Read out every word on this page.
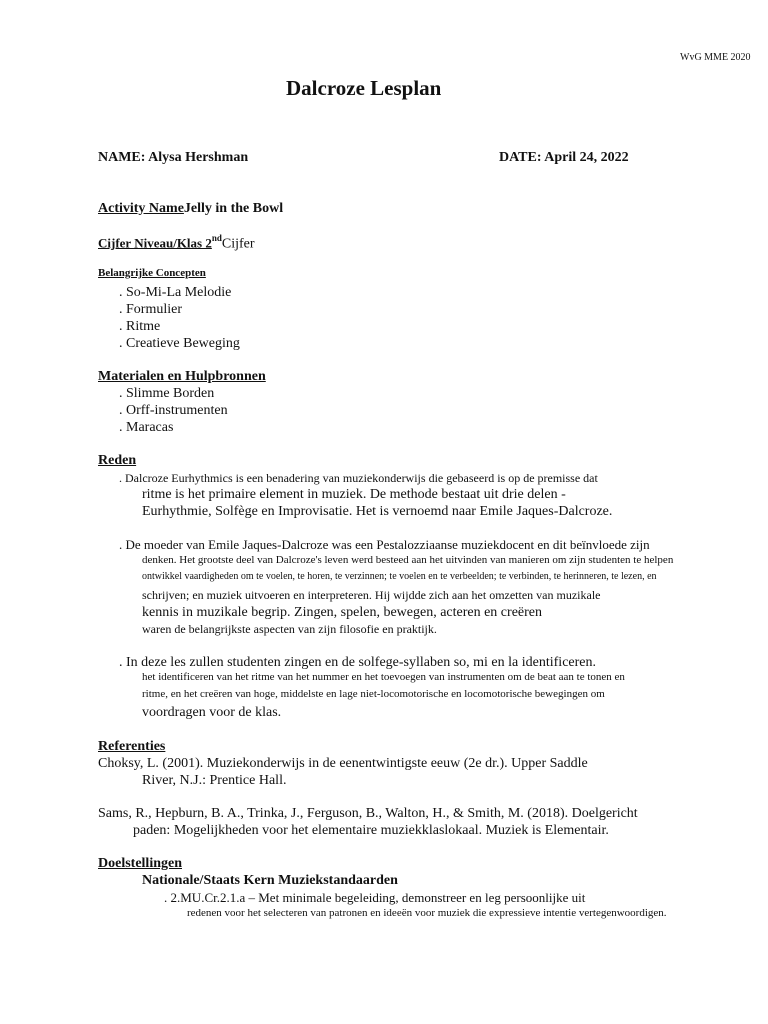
WvG MME 2020
Dalcroze Lesplan
NAME: Alysa Hershman	DATE: April 24, 2022
Activity NameJelly in the Bowl
Cijfer Niveau/Klas 2ndCijfer
Belangrijke Concepten
. So-Mi-La Melodie
. Formulier
. Ritme
. Creatieve Beweging
Materialen en Hulpbronnen
. Slimme Borden
. Orff-instrumenten
. Maracas
Reden
. Dalcroze Eurhythmics is een benadering van muziekonderwijs die gebaseerd is op de premisse dat
ritme is het primaire element in muziek. De methode bestaat uit drie delen -
Eurhythmie, Solfège en Improvisatie. Het is vernoemd naar Emile Jaques-Dalcroze.
. De moeder van Emile Jaques-Dalcroze was een Pestalozziaanse muziekdocent en dit beïnvloede zijn
denken. Het grootste deel van Dalcroze's leven werd besteed aan het uitvinden van manieren om zijn studenten te helpen
ontwikkel vaardigheden om te voelen, te horen, te verzinnen; te voelen en te verbeelden; te verbinden, te herinneren, te lezen, en
schrijven; en muziek uitvoeren en interpreteren. Hij wijdde zich aan het omzetten van muzikale
kennis in muzikale begrip. Zingen, spelen, bewegen, acteren en creëren
waren de belangrijkste aspecten van zijn filosofie en praktijk.
. In deze les zullen studenten zingen en de solfege-syllaben so, mi en la identificeren.
het identificeren van het ritme van het nummer en het toevoegen van instrumenten om de beat aan te tonen en
ritme, en het creëren van hoge, middelste en lage niet-locomotorische en locomotorische bewegingen om
voordragen voor de klas.
Referenties
Choksy, L. (2001). Muziekonderwijs in de eenentwintigste eeuw (2e dr.). Upper Saddle
River, N.J.: Prentice Hall.
Sams, R., Hepburn, B. A., Trinka, J., Ferguson, B., Walton, H., & Smith, M. (2018). Doelgericht
paden: Mogelijkheden voor het elementaire muziekklaslokaal. Muziek is Elementair.
Doelstellingen
Nationale/Staats Kern Muziekstandaarden
. 2.MU.Cr.2.1.a – Met minimale begeleiding, demonstreer en leg persoonlijke uit
redenen voor het selecteren van patronen en ideeën voor muziek die expressieve intentie vertegenwoordigen.
